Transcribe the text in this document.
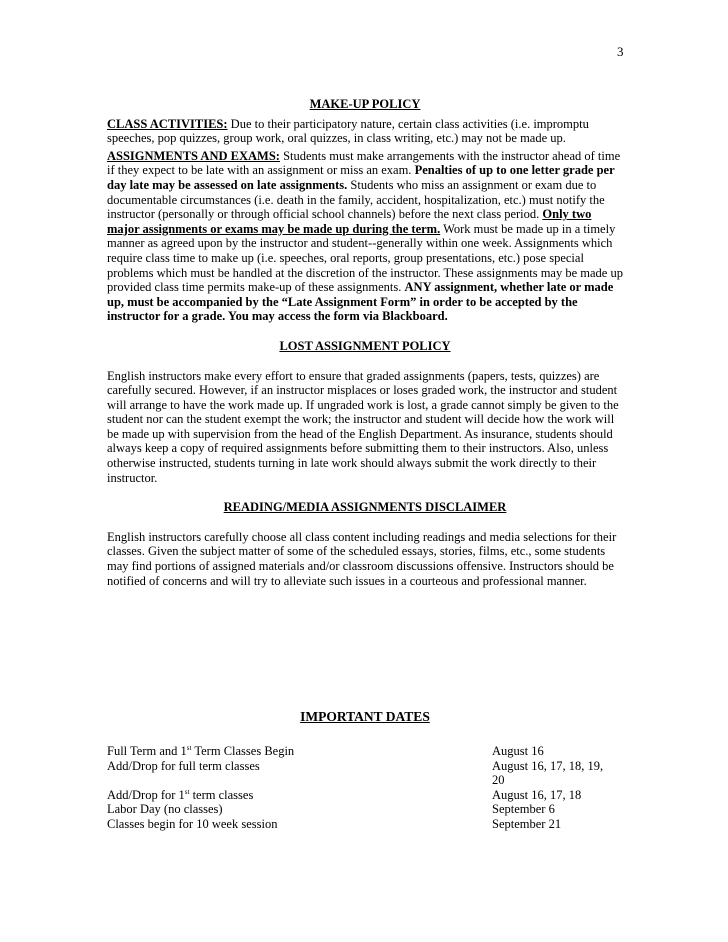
3

MAKE-UP POLICY

CLASS ACTIVITIES: Due to their participatory nature, certain class activities (i.e. impromptu speeches, pop quizzes, group work, oral quizzes, in class writing, etc.) may not be made up.

ASSIGNMENTS AND EXAMS: Students must make arrangements with the instructor ahead of time if they expect to be late with an assignment or miss an exam. Penalties of up to one letter grade per day late may be assessed on late assignments. Students who miss an assignment or exam due to documentable circumstances (i.e. death in the family, accident, hospitalization, etc.) must notify the instructor (personally or through official school channels) before the next class period. Only two major assignments or exams may be made up during the term. Work must be made up in a timely manner as agreed upon by the instructor and student--generally within one week. Assignments which require class time to make up (i.e. speeches, oral reports, group presentations, etc.) pose special problems which must be handled at the discretion of the instructor. These assignments may be made up provided class time permits make-up of these assignments. ANY assignment, whether late or made up, must be accompanied by the “Late Assignment Form” in order to be accepted by the instructor for a grade. You may access the form via Blackboard.

LOST ASSIGNMENT POLICY

English instructors make every effort to ensure that graded assignments (papers, tests, quizzes) are carefully secured. However, if an instructor misplaces or loses graded work, the instructor and student will arrange to have the work made up. If ungraded work is lost, a grade cannot simply be given to the student nor can the student exempt the work; the instructor and student will decide how the work will be made up with supervision from the head of the English Department. As insurance, students should always keep a copy of required assignments before submitting them to their instructors. Also, unless otherwise instructed, students turning in late work should always submit the work directly to their instructor.

READING/MEDIA ASSIGNMENTS DISCLAIMER

English instructors carefully choose all class content including readings and media selections for their classes. Given the subject matter of some of the scheduled essays, stories, films, etc., some students may find portions of assigned materials and/or classroom discussions offensive. Instructors should be notified of concerns and will try to alleviate such issues in a courteous and professional manner.

IMPORTANT DATES

Full Term and 1st Term Classes Begin	August 16
Add/Drop for full term classes	August 16, 17, 18, 19, 20
Add/Drop for 1st term classes	August 16, 17, 18
Labor Day (no classes)	September 6
Classes begin for 10 week session	September 21
